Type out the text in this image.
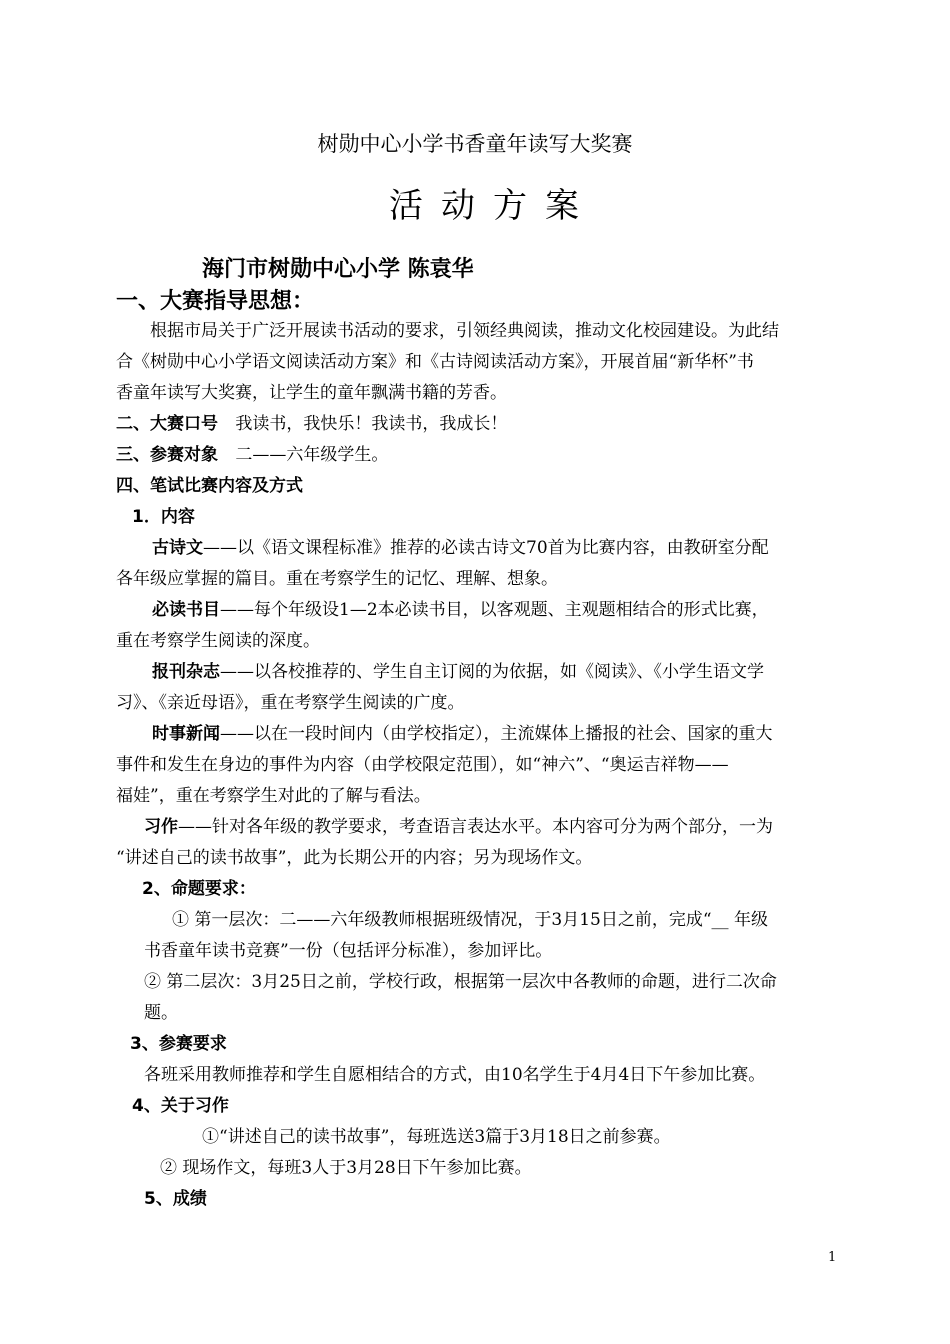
树勋中心小学书香童年读写大奖赛
活动方案
海门市树勋中心小学 陈袁华
一、大赛指导思想：
根据市局关于广泛开展读书活动的要求，引领经典阅读，推动文化校园建设。为此结
合《树勋中心小学语文阅读活动方案》和《古诗阅读活动方案》，开展首届“新华杯”书
香童年读写大奖赛，让学生的童年飘满书籍的芳香。
二、大赛口号 我读书，我快乐！我读书，我成长！
三、参赛对象 二——六年级学生。
四、笔试比赛内容及方式
1．内容
古诗文——以《语文课程标准》推荐的必读古诗文70首为比赛内容，由教研室分配
各年级应掌握的篇目。重在考察学生的记忆、理解、想象。
必读书目——每个年级设1—2本必读书目，以客观题、主观题相结合的形式比赛，
重在考察学生阅读的深度。
报刊杂志——以各校推荐的、学生自主订阅的为依据，如《阅读》、《小学生语文学
习》、《亲近母语》，重在考察学生阅读的广度。
时事新闻——以在一段时间内（由学校指定），主流媒体上播报的社会、国家的重大
事件和发生在身边的事件为内容（由学校限定范围），如“神六”、“奥运吉祥物——
福娃”，重在考察学生对此的了解与看法。
习作——针对各年级的教学要求，考查语言表达水平。本内容可分为两个部分，一为
“讲述自己的读书故事”，此为长期公开的内容；另为现场作文。
2、命题要求：
① 第一层次：二——六年级教师根据班级情况，于3月15日之前，完成“__ 年级
书香童年读书竞赛”一份（包括评分标准），参加评比。
② 第二层次：3月25日之前，学校行政，根据第一层次中各教师的命题，进行二次命
题。
3、参赛要求
各班采用教师推荐和学生自愿相结合的方式，由10名学生于4月4日下午参加比赛。
4、关于习作
①“讲述自己的读书故事”，每班选送3篇于3月18日之前参赛。
② 现场作文，每班3人于3月28日下午参加比赛。
5、成绩
1
